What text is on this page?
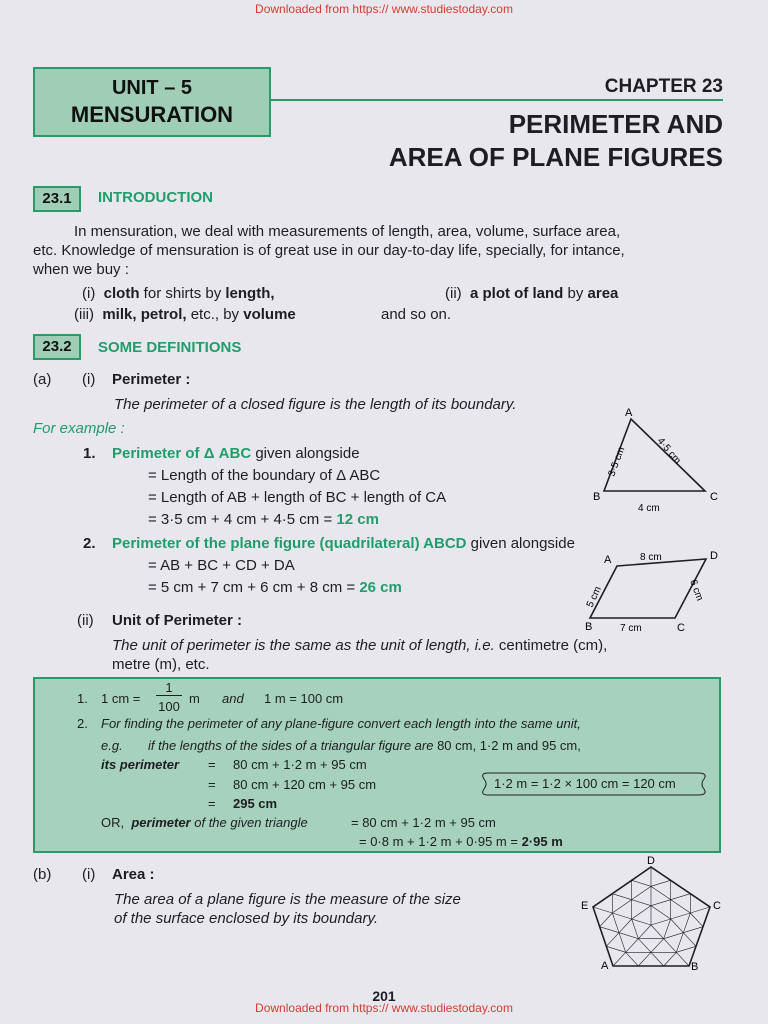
Downloaded from https:// www.studiestoday.com
UNIT – 5
MENSURATION
CHAPTER 23
PERIMETER AND
AREA OF PLANE FIGURES
23.1	INTRODUCTION
In mensuration, we deal with measurements of length, area, volume, surface area,
etc. Knowledge of mensuration is of great use in our day-to-day life, specially, for intance,
when we buy :
(i) cloth for shirts by length,	(ii) a plot of land by area
(iii) milk, petrol, etc., by volume	and so on.
23.2	SOME DEFINITIONS
(a) (i) Perimeter :
The perimeter of a closed figure is the length of its boundary.
For example :
1. Perimeter of Δ ABC given alongside
= Length of the boundary of Δ ABC
= Length of AB + length of BC + length of CA
= 3·5 cm + 4 cm + 4·5 cm = 12 cm
2. Perimeter of the plane figure (quadrilateral) ABCD given alongside
= AB + BC + CD + DA
= 5 cm + 7 cm + 6 cm + 8 cm = 26 cm
(ii) Unit of Perimeter :
The unit of perimeter is the same as the unit of length, i.e. centimetre (cm),
metre (m), etc.
1. 1 cm =
1
100
m and 1 m = 100 cm
2. For finding the perimeter of any plane-figure convert each length into the same unit,
e.g. if the lengths of the sides of a triangular figure are 80 cm, 1·2 m and 95 cm,
its perimeter = 80 cm + 1·2 m + 95 cm
= 80 cm + 120 cm + 95 cm
= 295 cm
1·2 m = 1·2 × 100 cm = 120 cm
OR, perimeter of the given triangle	= 80 cm + 1·2 m + 95 cm
= 0·8 m + 1·2 m + 0·95 m = 2·95 m
(b) (i) Area :
The area of a plane figure is the measure of the size
of the surface enclosed by its boundary.
A
B	C
3·5 cm	4·5 cm
4 cm
A
B	C
D
5 cm
7 cm
6 cm
8 cm
D
C
B
A
E
201
Downloaded from https:// www.studiestoday.com
